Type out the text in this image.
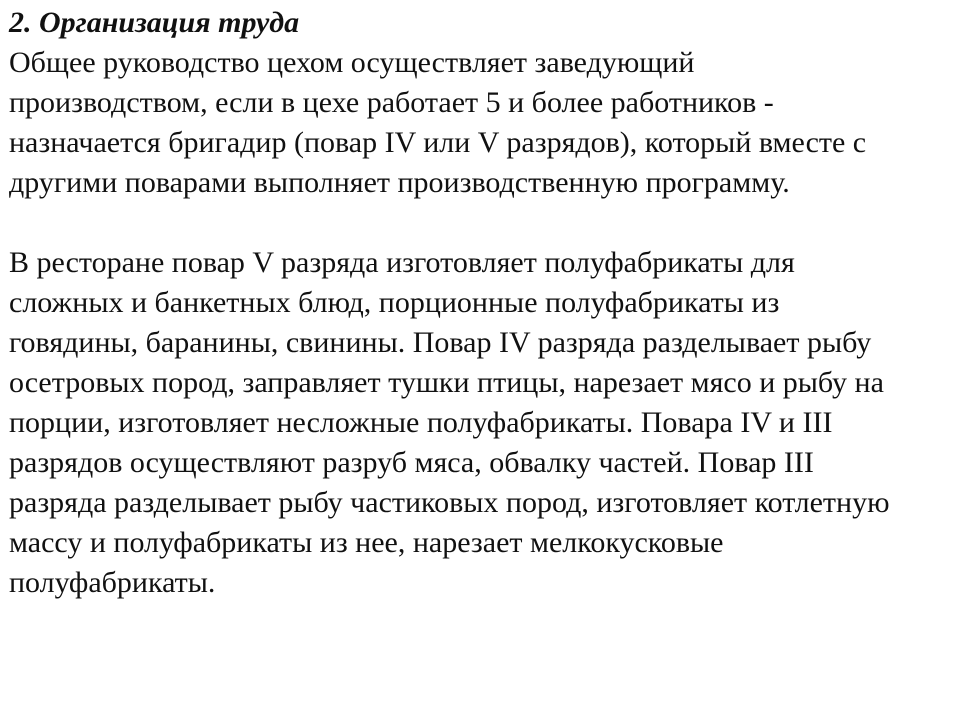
2. Организация труда
Общее руководство цехом осуществляет заведующий
производством, если в цехе работает 5 и более работников -
назначается бригадир (повар IV или V разрядов), который вместе с
другими поварами выполняет производственную программу.
В ресторане повар V разряда изготовляет полуфабрикаты для
сложных и банкетных блюд, порционные полуфабрикаты из
говядины, баранины, свинины. Повар IV разряда разделывает рыбу
осетровых пород, заправляет тушки птицы, нарезает мясо и рыбу на
порции, изготовляет несложные полуфабрикаты. Повара IV и III
разрядов осуществляют разруб мяса, обвалку частей. Повар III
разряда разделывает рыбу частиковых пород, изготовляет котлетную
массу и полуфабрикаты из нее, нарезает мелкокусковые
полуфабрикаты.
